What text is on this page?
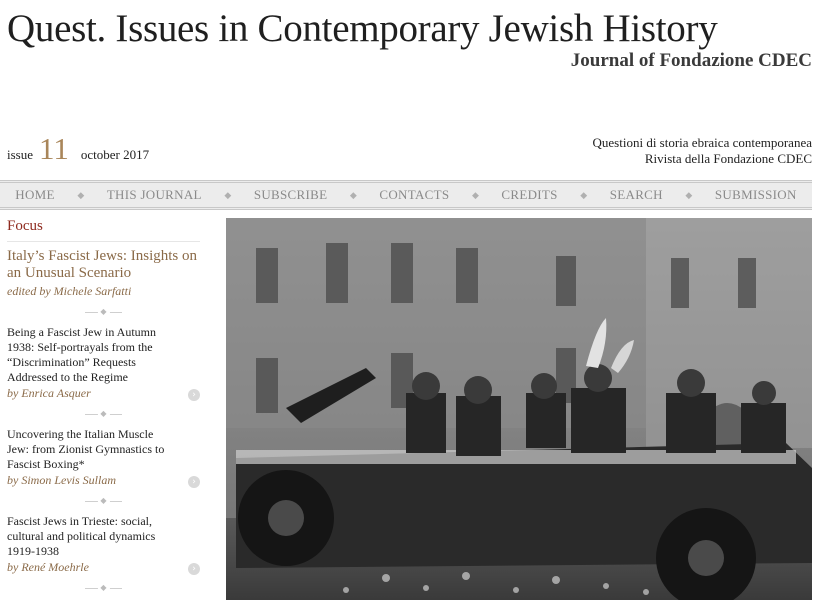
Quest. Issues in Contemporary Jewish History
Journal of Fondazione CDEC
issue 11 october 2017
Questioni di storia ebraica contemporanea
Rivista della Fondazione CDEC
HOME	◆ THIS JOURNAL	◆ SUBSCRIBE	◆ CONTACTS	◆ CREDITS	◆ SEARCH	◆ SUBMISSION
Focus
Italy’s Fascist Jews: Insights on an Unusual Scenario
edited by Michele Sarfatti
◆
Being a Fascist Jew in Autumn 1938: Self-portrayals from the “Discrimination” Requests Addressed to the Regime
by Enrica Asquer	›
◆
Uncovering the Italian Muscle Jew: from Zionist Gymnastics to Fascist Boxing*
by Simon Levis Sullam	›
◆
Fascist Jews in Trieste: social, cultural and political dynamics 1919-1938
by René Moehrle	›
◆
